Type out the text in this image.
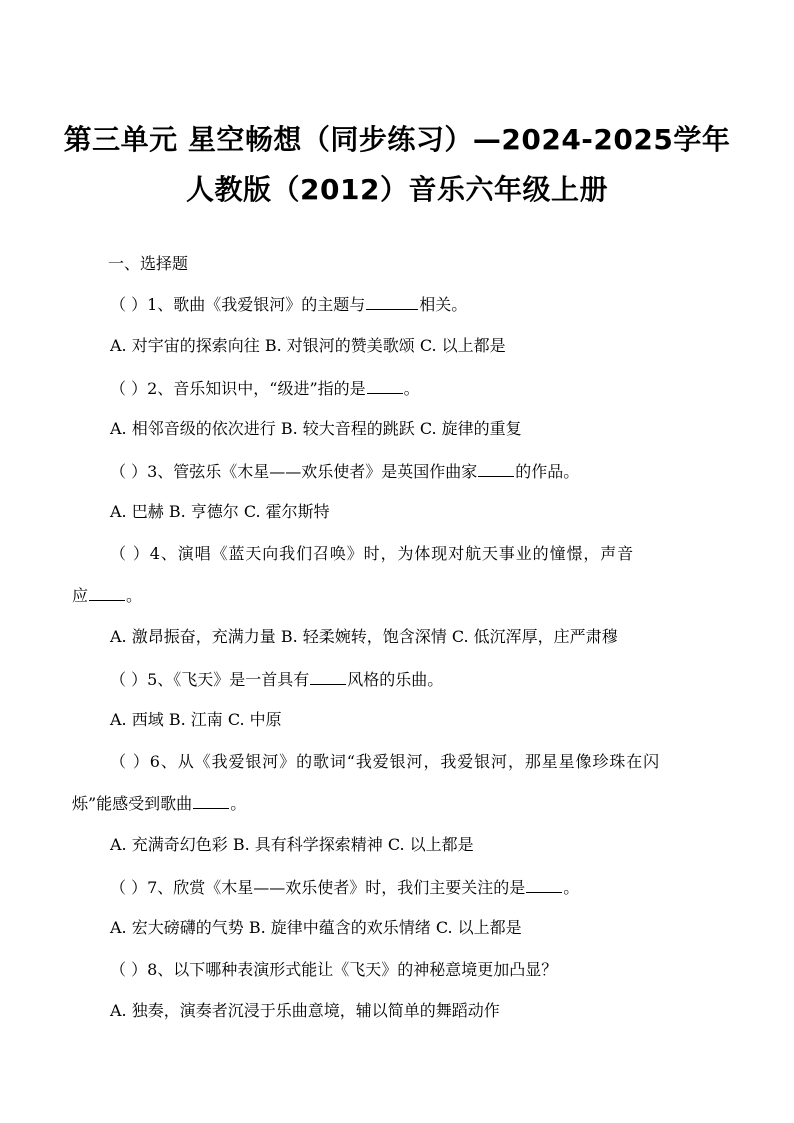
第三单元 星空畅想（同步练习）—2024-2025学年
人教版（2012）音乐六年级上册
一、选择题
（ ）1、歌曲《我爱银河》的主题与	相关。
A. 对宇宙的探索向往 B. 对银河的赞美歌颂 C. 以上都是
（ ）2、音乐知识中，“级进”指的是 。
A. 相邻音级的依次进行 B. 较大音程的跳跃 C. 旋律的重复
（ ）3、管弦乐《木星——欢乐使者》是英国作曲家 的作品。
A. 巴赫 B. 亨德尔 C. 霍尔斯特
（ ）4、演唱《蓝天向我们召唤》时，为体现对航天事业的憧憬，声音
应 。
A. 激昂振奋，充满力量 B. 轻柔婉转，饱含深情 C. 低沉浑厚，庄严肃穆
（ ）5、《飞天》是一首具有 风格的乐曲。
A. 西域 B. 江南 C. 中原
（ ）6、从《我爱银河》的歌词“我爱银河，我爱银河，那星星像珍珠在闪
烁”能感受到歌曲 。
A. 充满奇幻色彩 B. 具有科学探索精神 C. 以上都是
（ ）7、欣赏《木星——欢乐使者》时，我们主要关注的是 。
A. 宏大磅礴的气势 B. 旋律中蕴含的欢乐情绪 C. 以上都是
（ ）8、以下哪种表演形式能让《飞天》的神秘意境更加凸显？
A. 独奏，演奏者沉浸于乐曲意境，辅以简单的舞蹈动作
